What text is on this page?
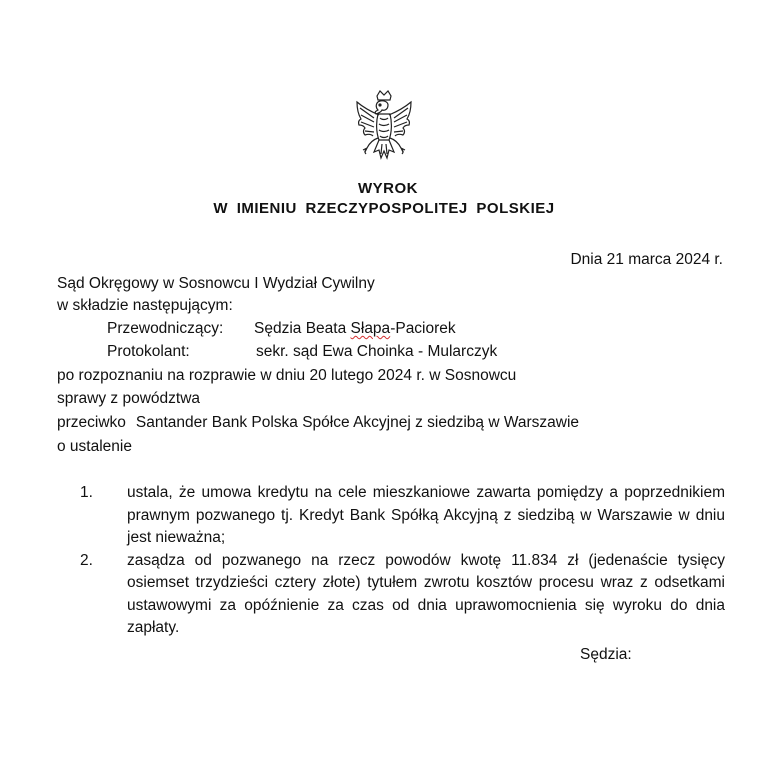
WYROK
W IMIENIU RZECZYPOSPOLITEJ POLSKIEJ
Dnia 21 marca 2024 r.
Sąd Okręgowy w Sosnowcu I Wydział Cywilny
w składzie następującym:
Przewodniczący: Sędzia Beata Słapa-Paciorek
Protokolant:	sekr. sąd Ewa Choinka - Mularczyk
po rozpoznaniu na rozprawie w dniu 20 lutego 2024 r. w Sosnowcu
sprawy z powództwa
przeciwko Santander Bank Polska Spółce Akcyjnej z siedzibą w Warszawie
o ustalenie
1. ustala, że umowa kredytu na cele mieszkaniowe zawarta pomiędzy a poprzednikiem prawnym pozwanego tj. Kredyt Bank Spółką Akcyjną z siedzibą w Warszawie w dniu jest nieważna;
2. zasądza od pozwanego na rzecz powodów kwotę 11.834 zł (jedenaście tysięcy osiemset trzydzieści cztery złote) tytułem zwrotu kosztów procesu wraz z odsetkami ustawowymi za opóźnienie za czas od dnia uprawomocnienia się wyroku do dnia zapłaty.
Sędzia:
